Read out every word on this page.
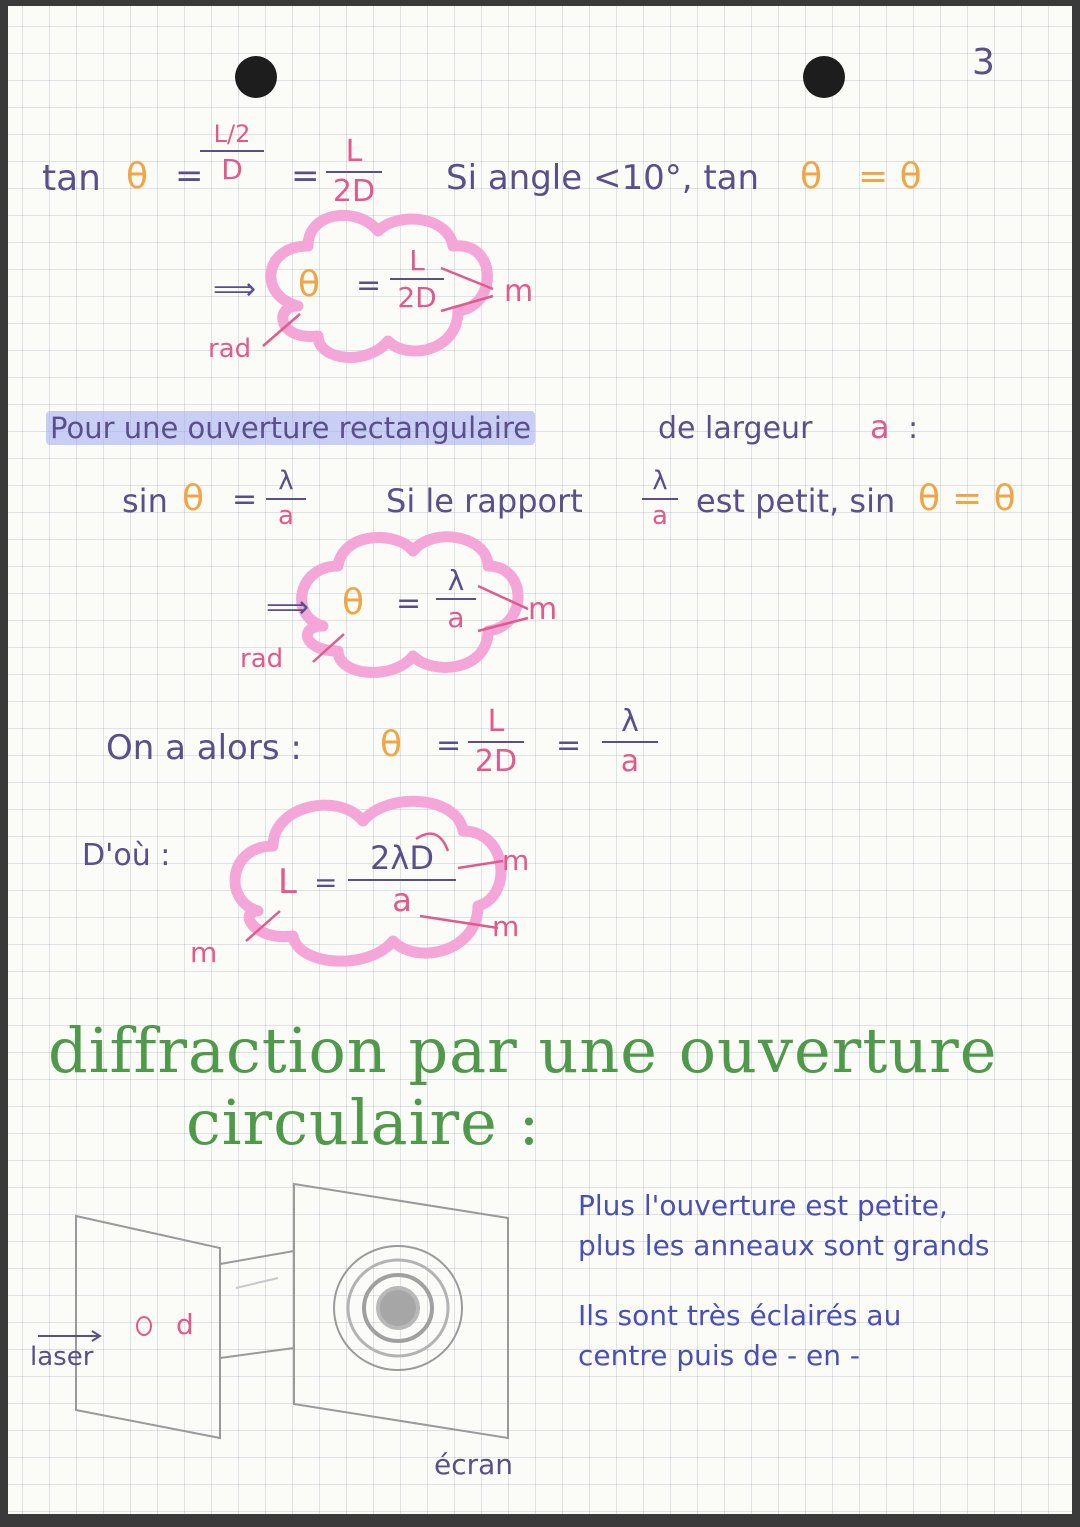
3
tan θ =
L/2
D	=
L
2D Si angle <10°, tan θ = θ
⟹ θ =
L
2D m
rad
Pour une ouverture rectangulaire	de largeur a :
sin θ =
λ
a	Si le rapport
λ
a est petit, sin θ = θ
⟹ θ =
λ
a	m
rad
On a alors : θ =
L
2D =
λ
a
D'où :
L =
2λD
a
m
m
m
diffraction par une ouverture
circulaire :
d
laser
écran
Plus l'ouverture est petite,
plus les anneaux sont grands
Ils sont très éclairés au
centre puis de - en -
